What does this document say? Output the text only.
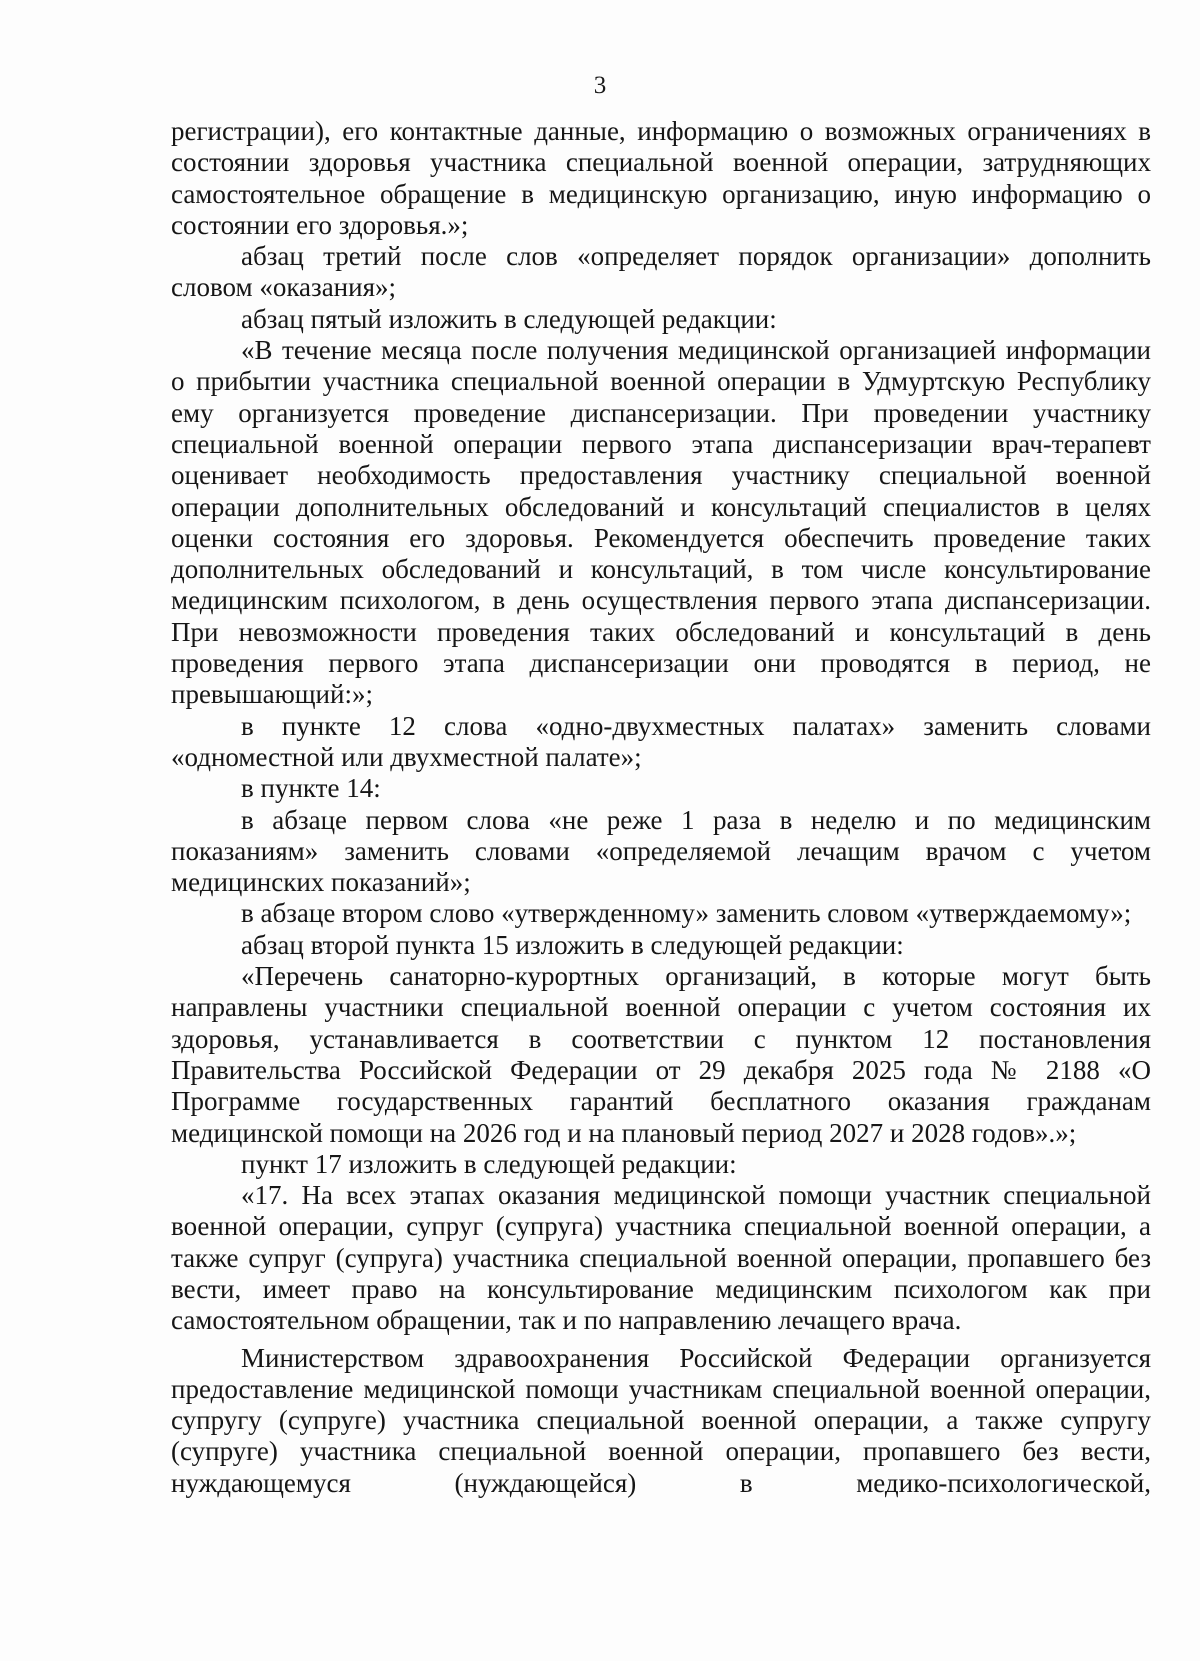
3

регистрации), его контактные данные, информацию о возможных ограничениях в состоянии здоровья участника специальной военной операции, затрудняющих самостоятельное обращение в медицинскую организацию, иную информацию о состоянии его здоровья.»;

абзац третий после слов «определяет порядок организации» дополнить словом «оказания»;

абзац пятый изложить в следующей редакции:

«В течение месяца после получения медицинской организацией информации о прибытии участника специальной военной операции в Удмуртскую Республику ему организуется проведение диспансеризации. При проведении участнику специальной военной операции первого этапа диспансеризации врач-терапевт оценивает необходимость предоставления участнику специальной военной операции дополнительных обследований и консультаций специалистов в целях оценки состояния его здоровья. Рекомендуется обеспечить проведение таких дополнительных обследований и консультаций, в том числе консультирование медицинским психологом, в день осуществления первого этапа диспансеризации. При невозможности проведения таких обследований и консультаций в день проведения первого этапа диспансеризации они проводятся в период, не превышающий:»;

в пункте 12 слова «одно-двухместных палатах» заменить словами «одноместной или двухместной палате»;

в пункте 14:

в абзаце первом слова «не реже 1 раза в неделю и по медицинским показаниям» заменить словами «определяемой лечащим врачом с учетом медицинских показаний»;

в абзаце втором слово «утвержденному» заменить словом «утверждаемому»;

абзац второй пункта 15 изложить в следующей редакции:

«Перечень санаторно-курортных организаций, в которые могут быть направлены участники специальной военной операции с учетом состояния их здоровья, устанавливается в соответствии с пунктом 12 постановления Правительства Российской Федерации от 29 декабря 2025 года № 2188 «О Программе государственных гарантий бесплатного оказания гражданам медицинской помощи на 2026 год и на плановый период 2027 и 2028 годов».»;

пункт 17 изложить в следующей редакции:

«17. На всех этапах оказания медицинской помощи участник специальной военной операции, супруг (супруга) участника специальной военной операции, а также супруг (супруга) участника специальной военной операции, пропавшего без вести, имеет право на консультирование медицинским психологом как при самостоятельном обращении, так и по направлению лечащего врача.

Министерством здравоохранения Российской Федерации организуется предоставление медицинской помощи участникам специальной военной операции, супругу (супруге) участника специальной военной операции, а также супругу (супруге) участника специальной военной операции, пропавшего без вести, нуждающемуся (нуждающейся) в медико-психологической,
